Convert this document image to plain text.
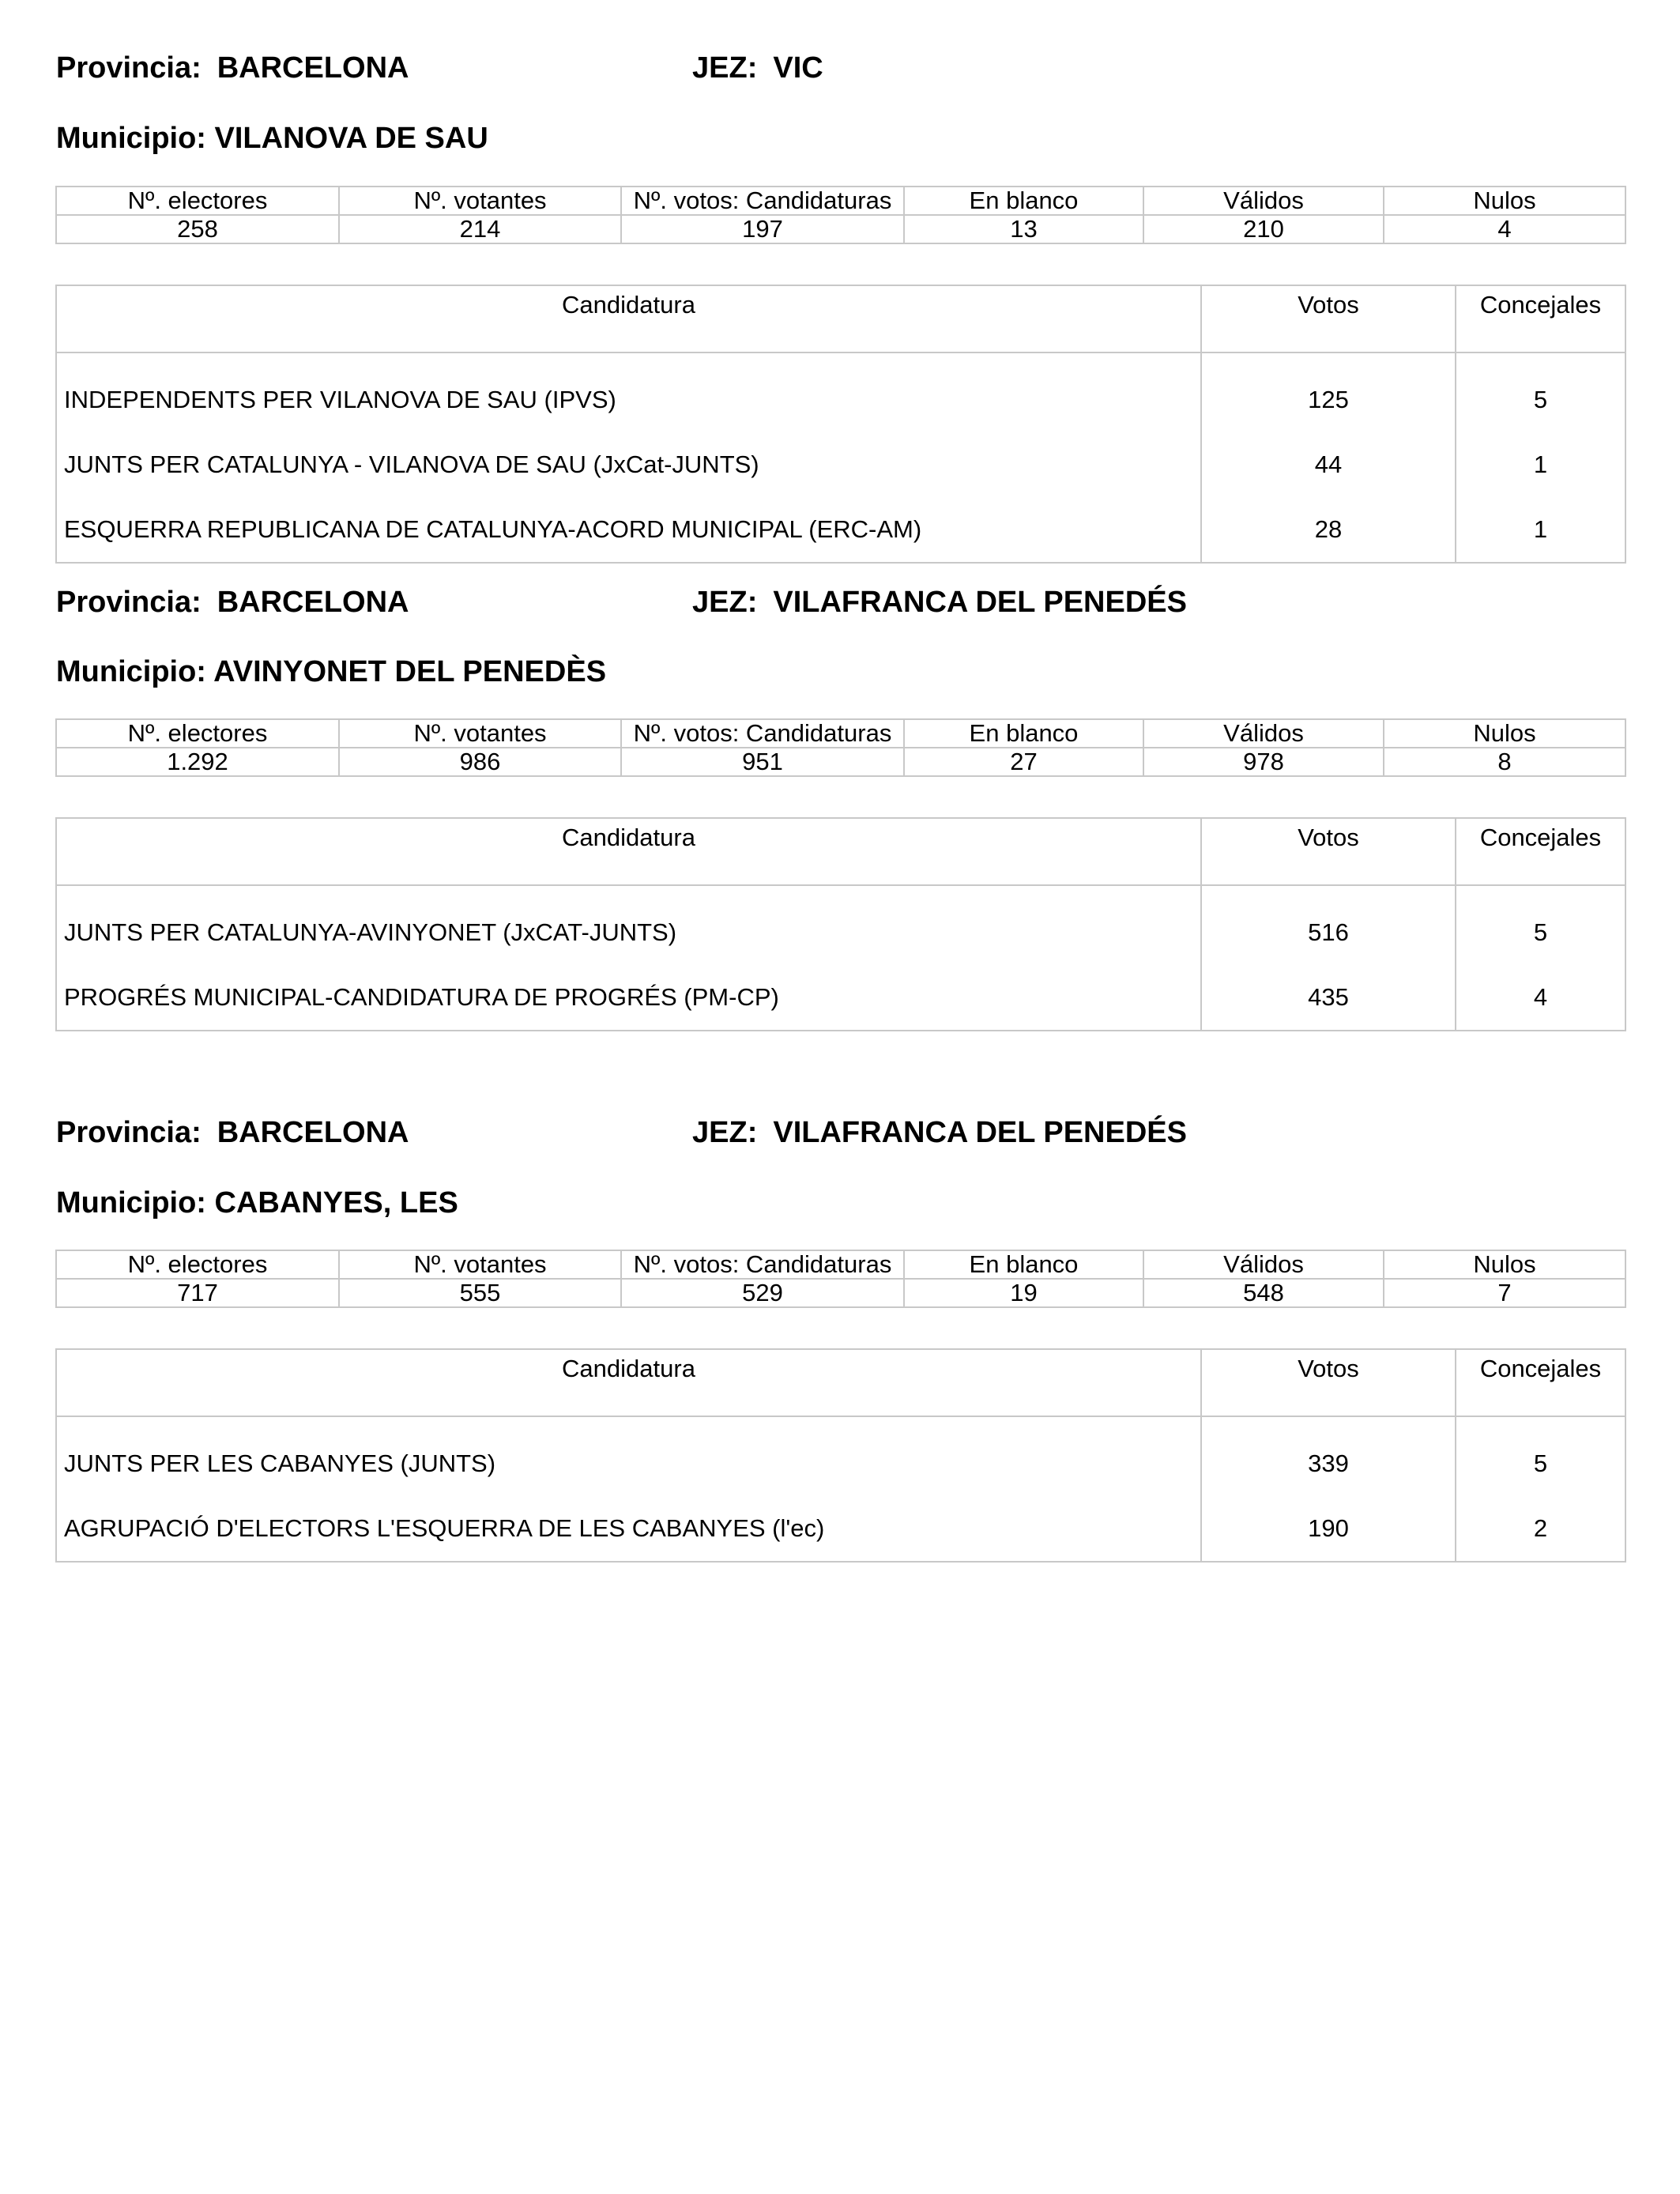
Provincia: BARCELONA	JEZ: VIC
Municipio: VILANOVA DE SAU
Nº. electores	Nº. votantes	Nº. votos: Candidaturas	En blanco	Válidos	Nulos
258	214	197	13	210	4
Candidatura	Votos	Concejales
INDEPENDENTS PER VILANOVA DE SAU (IPVS)	125	5
JUNTS PER CATALUNYA - VILANOVA DE SAU (JxCat-JUNTS)	44	1
ESQUERRA REPUBLICANA DE CATALUNYA-ACORD MUNICIPAL (ERC-AM)	28	1
Provincia: BARCELONA	JEZ: VILAFRANCA DEL PENEDÉS
Municipio: AVINYONET DEL PENEDÈS
Nº. electores	Nº. votantes	Nº. votos: Candidaturas	En blanco	Válidos	Nulos
1.292	986	951	27	978	8
Candidatura	Votos	Concejales
JUNTS PER CATALUNYA-AVINYONET (JxCAT-JUNTS)	516	5
PROGRÉS MUNICIPAL-CANDIDATURA DE PROGRÉS (PM-CP)	435	4
Provincia: BARCELONA	JEZ: VILAFRANCA DEL PENEDÉS
Municipio: CABANYES, LES
Nº. electores	Nº. votantes	Nº. votos: Candidaturas	En blanco	Válidos	Nulos
717	555	529	19	548	7
Candidatura	Votos	Concejales
JUNTS PER LES CABANYES (JUNTS)	339	5
AGRUPACIÓ D'ELECTORS L'ESQUERRA DE LES CABANYES (l'ec)	190	2
